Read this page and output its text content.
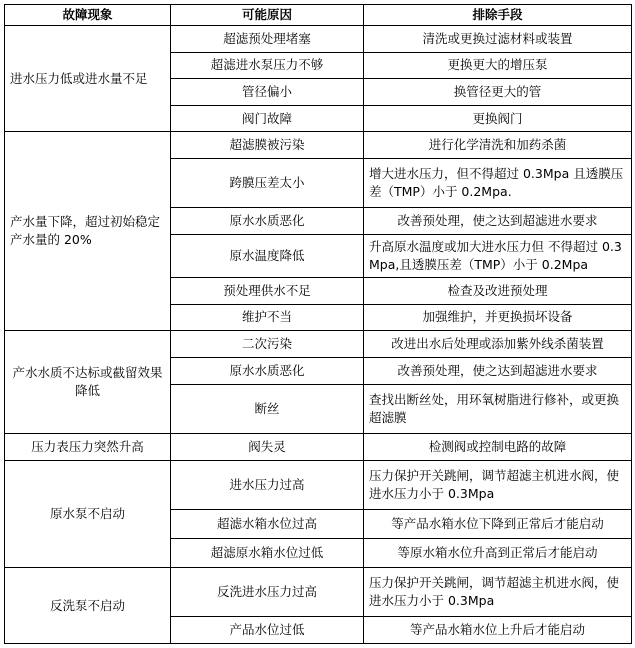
故障现象	可能原因	排除手段
进水压力低或进水量不足	超滤预处理堵塞	清洗或更换过滤材料或装置
	超滤进水泵压力不够	更换更大的增压泵
	管径偏小	换管径更大的管
	阀门故障	更换阀门
产水量下降，超过初始稳定产水量的 20%	超滤膜被污染	进行化学清洗和加药杀菌
	跨膜压差太小	增大进水压力，但不得超过 0.3Mpa 且透膜压差（TMP）小于 0.2Mpa.
	原水水质恶化	改善预处理，使之达到超滤进水要求
	原水温度降低	升高原水温度或加大进水压力但 不得超过 0.3Mpa,且透膜压差（TMP）小于 0.2Mpa
	预处理供水不足	检查及改进预处理
	维护不当	加强维护，并更换损坏设备
产水水质不达标或截留效果降低	二次污染	改进出水后处理或添加紫外线杀菌装置
	原水水质恶化	改善预处理，使之达到超滤进水要求
	断丝	查找出断丝处，用环氧树脂进行修补，或更换超滤膜
压力表压力突然升高	阀失灵	检测阀或控制电路的故障
原水泵不启动	进水压力过高	压力保护开关跳闸，调节超滤主机进水阀，使进水压力小于 0.3Mpa
	超滤水箱水位过高	等产品水箱水位下降到正常后才能启动
	超滤原水箱水位过低	等原水箱水位升高到正常后才能启动
反洗泵不启动	反洗进水压力过高	压力保护开关跳闸，调节超滤主机进水阀，使进水压力小于 0.3Mpa
	产品水位过低	等产品水箱水位上升后才能启动
